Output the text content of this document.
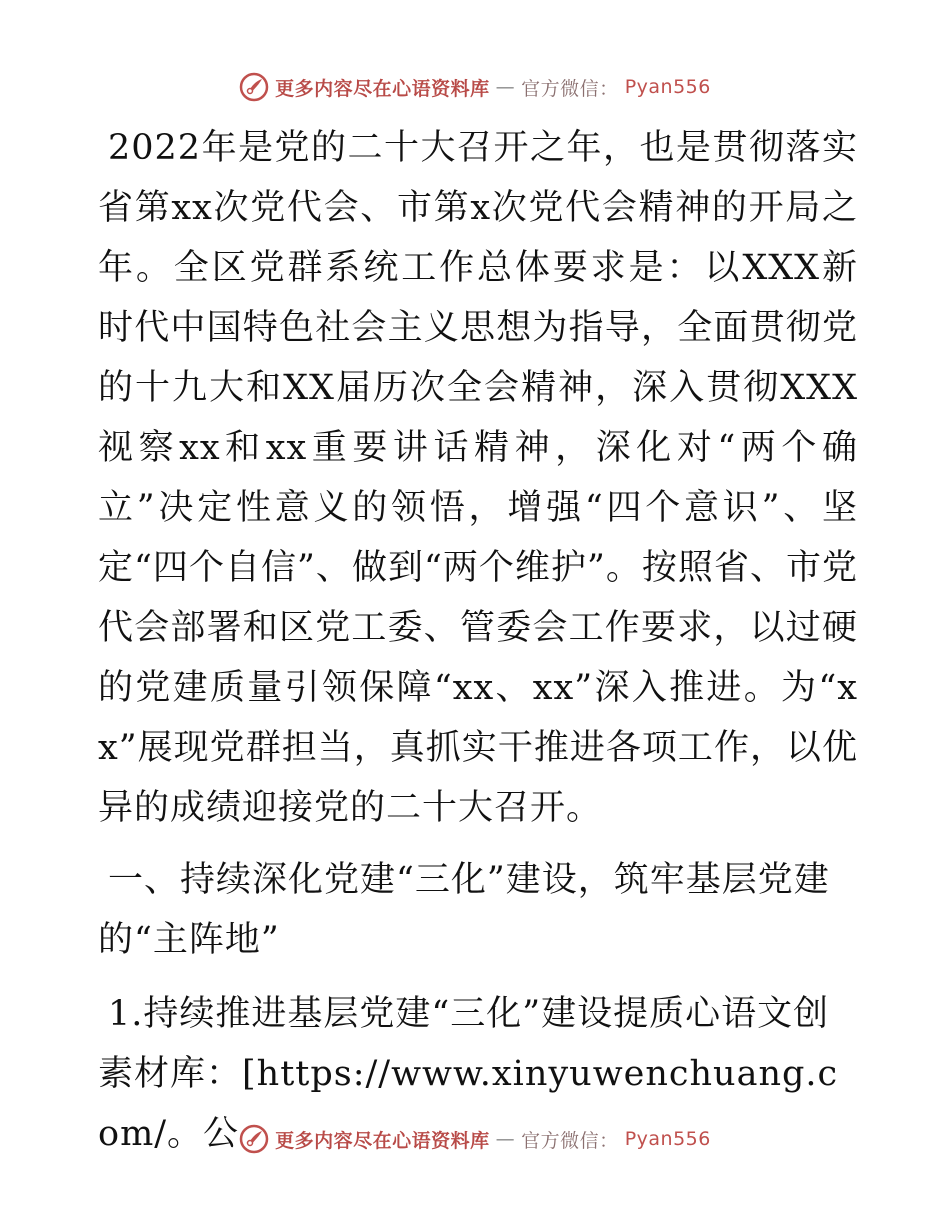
更多内容尽在心语资料库 — 官方微信： Pyan556

2022年是党的二十大召开之年，也是贯彻落实省第xx次党代会、市第x次党代会精神的开局之年。全区党群系统工作总体要求是：以XXX新时代中国特色社会主义思想为指导，全面贯彻党的十九大和XX届历次全会精神，深入贯彻XXX视察xx和xx重要讲话精神，深化对“两个确立”决定性意义的领悟，增强“四个意识”、坚定“四个自信”、做到“两个维护”。按照省、市党代会部署和区党工委、管委会工作要求，以过硬的党建质量引领保障“xx、xx”深入推进。为“xx”展现党群担当，真抓实干推进各项工作，以优异的成绩迎接党的二十大召开。

一、持续深化党建“三化”建设，筑牢基层党建的“主阵地”
1.持续推进基层党建“三化”建设提质心语文创素材库：[https://www.xinyuwenchuang.com/。公	更多内容尽在心语资料库 — 官方微信： Pyan556
